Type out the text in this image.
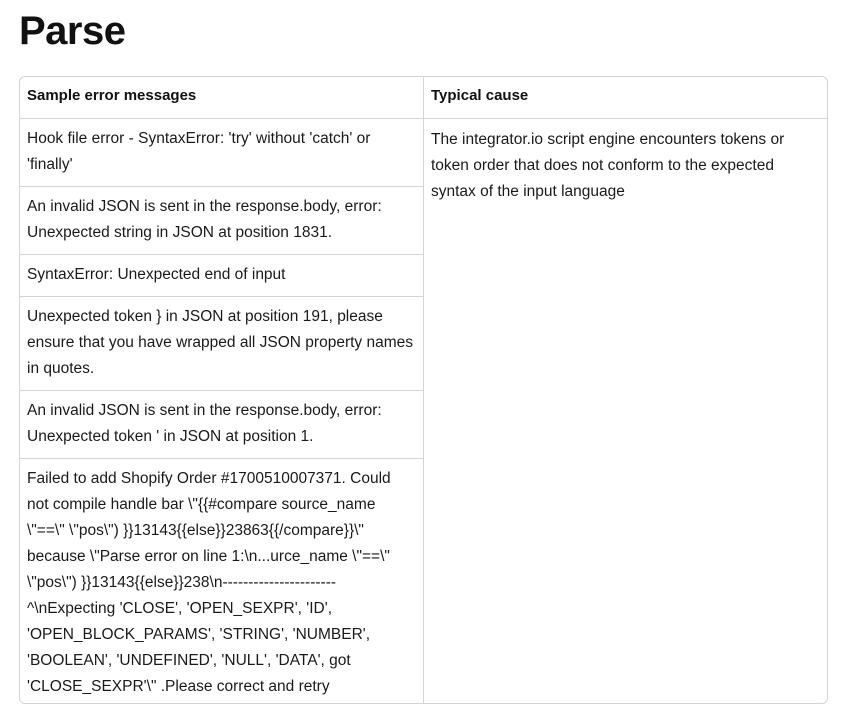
Parse
Sample error messages	Typical cause
Hook file error - SyntaxError: 'try' without 'catch' or 'finally'
An invalid JSON is sent in the response.body, error: Unexpected string in JSON at position 1831.
SyntaxError: Unexpected end of input
Unexpected token } in JSON at position 191, please ensure that you have wrapped all JSON property names in quotes.
An invalid JSON is sent in the response.body, error: Unexpected token ' in JSON at position 1.
Failed to add Shopify Order #1700510007371. Could not compile handle bar \"{{#compare source_name \"==\" \"pos\") }}13143{{else}}23863{{/compare}}\" because \"Parse error on line 1:\n...urce_name \"==\" \"pos\") }}13143{{else}}238\n----------------------^\nExpecting 'CLOSE', 'OPEN_SEXPR', 'ID', 'OPEN_BLOCK_PARAMS', 'STRING', 'NUMBER', 'BOOLEAN', 'UNDEFINED', 'NULL', 'DATA', got 'CLOSE_SEXPR'\" .Please correct and retry
The integrator.io script engine encounters tokens or token order that does not conform to the expected syntax of the input language
